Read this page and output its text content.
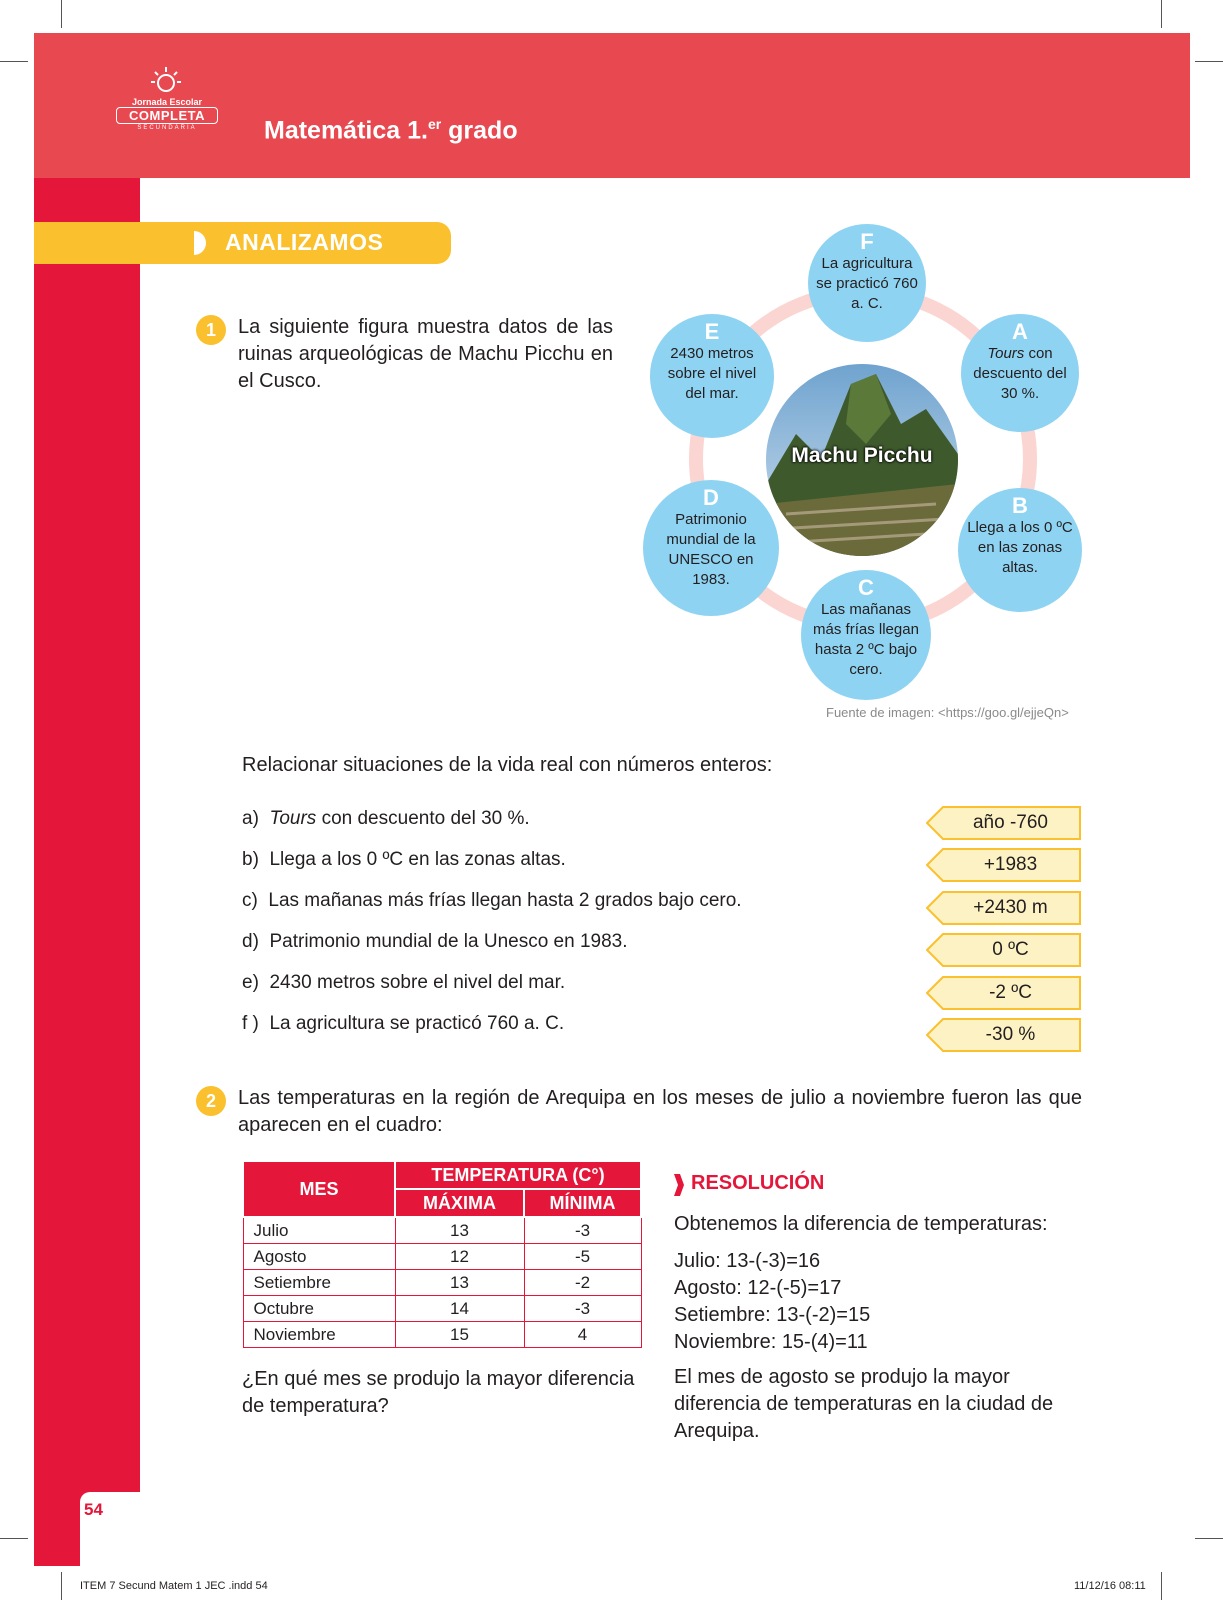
Jornada Escolar
COMPLETA
SECUNDARIA	Matemática 1.$^{er}$ grado
54
ANALIZAMOS
1	La siguiente figura muestra datos de las ruinas arqueológicas de Machu Picchu en el Cusco.
Machu Picchu
F
La agricultura se practicó 760 a. C.
A
Tours con descuento del 30 %.
B
Llega a los 0 ºC en las zonas altas.
C
Las mañanas más frías llegan hasta 2 ºC bajo cero.
D
Patrimonio mundial de la UNESCO en 1983.
E
2430 metros sobre el nivel del mar.
Fuente de imagen: <https://goo.gl/ejjeQn>
Relacionar situaciones de la vida real con números enteros:
a) Tours con descuento del 30 %.
b) Llega a los 0 ºC en las zonas altas.
c) Las mañanas más frías llegan hasta 2 grados bajo cero.
d) Patrimonio mundial de la Unesco en 1983.
e) 2430 metros sobre el nivel del mar.
f ) La agricultura se practicó 760 a. C.
año -760
+1983
+2430 m
0 ºC
-2 ºC
-30 %
2	Las temperaturas en la región de Arequipa en los meses de julio a noviembre fueron las que aparecen en el cuadro:
MES	TEMPERATURA (C°)	
	MÁXIMA	MÍNIMA
Julio	13	-3
Agosto	12	-5
Setiembre	13	-2
Octubre	14	-3
Noviembre	15	4
¿En qué mes se produjo la mayor diferencia de temperatura?
RESOLUCIÓN
Obtenemos la diferencia de temperaturas:
Julio: 13-(-3)=16
Agosto: 12-(-5)=17
Setiembre: 13-(-2)=15
Noviembre: 15-(4)=11
El mes de agosto se produjo la mayor diferencia de temperaturas en la ciudad de Arequipa.
ITEM 7 Secund Matem 1 JEC .indd 54	11/12/16 08:11
